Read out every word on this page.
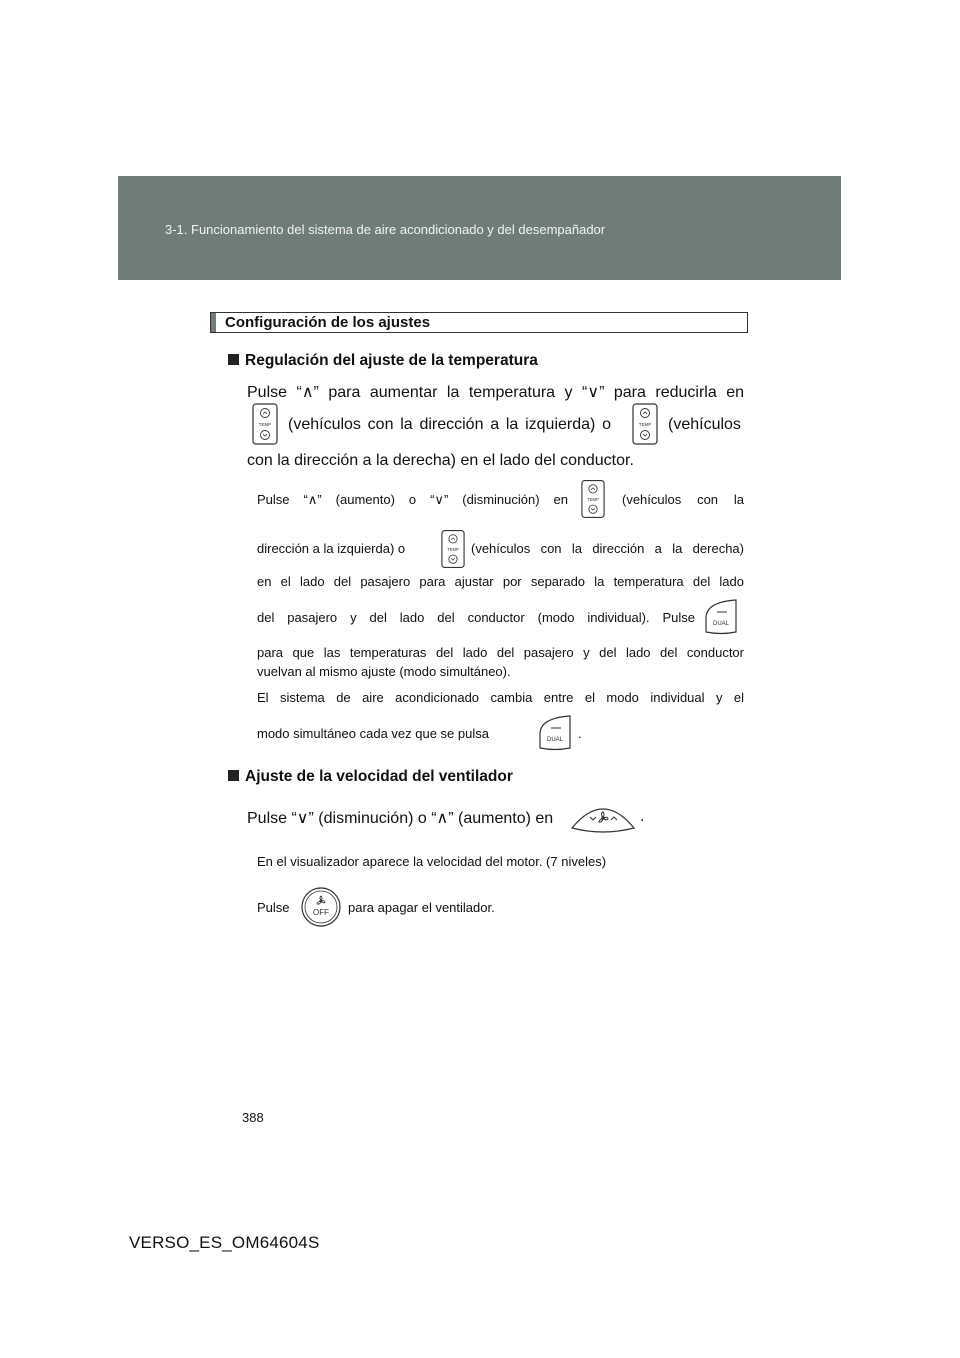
3-1. Funcionamiento del sistema de aire acondicionado y del desempañador
Configuración de los ajustes
Regulación del ajuste de la temperatura
Pulse “∧” para aumentar la temperatura y “∨” para reducirla en
TEMP (vehículos con la dirección a la izquierda) o	TEMP (vehículos
con la dirección a la derecha) en el lado del conductor.
Pulse “∧” (aumento) o “∨” (disminución) en	TEMP (vehículos con la
dirección a la izquierda) o	TEMP (vehículos con la dirección a la derecha)
en el lado del pasajero para ajustar por separado la temperatura del lado
del pasajero y del lado del conductor (modo individual). Pulse	DUAL
para que las temperaturas del lado del pasajero y del lado del conductor
vuelvan al mismo ajuste (modo simultáneo).
El sistema de aire acondicionado cambia entre el modo individual y el
modo simultáneo cada vez que se pulsa	DUAL .
Ajuste de la velocidad del ventilador
Pulse “∨” (disminución) o “∧” (aumento) en	.
En el visualizador aparece la velocidad del motor. (7 niveles)
Pulse	OFF para apagar el ventilador.
388
VERSO_ES_OM64604S
